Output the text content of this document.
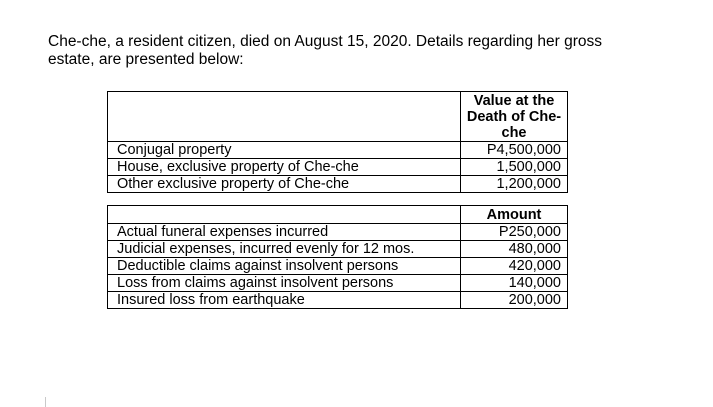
Che-che, a resident citizen, died on August 15, 2020. Details regarding her gross estate, are presented below:

	Value at the Death of Che-che
Conjugal property	P4,500,000
House, exclusive property of Che-che	1,500,000
Other exclusive property of Che-che	1,200,000
	Amount
Actual funeral expenses incurred	P250,000
Judicial expenses, incurred evenly for 12 mos.	480,000
Deductible claims against insolvent persons	420,000
Loss from claims against insolvent persons	140,000
Insured loss from earthquake	200,000
